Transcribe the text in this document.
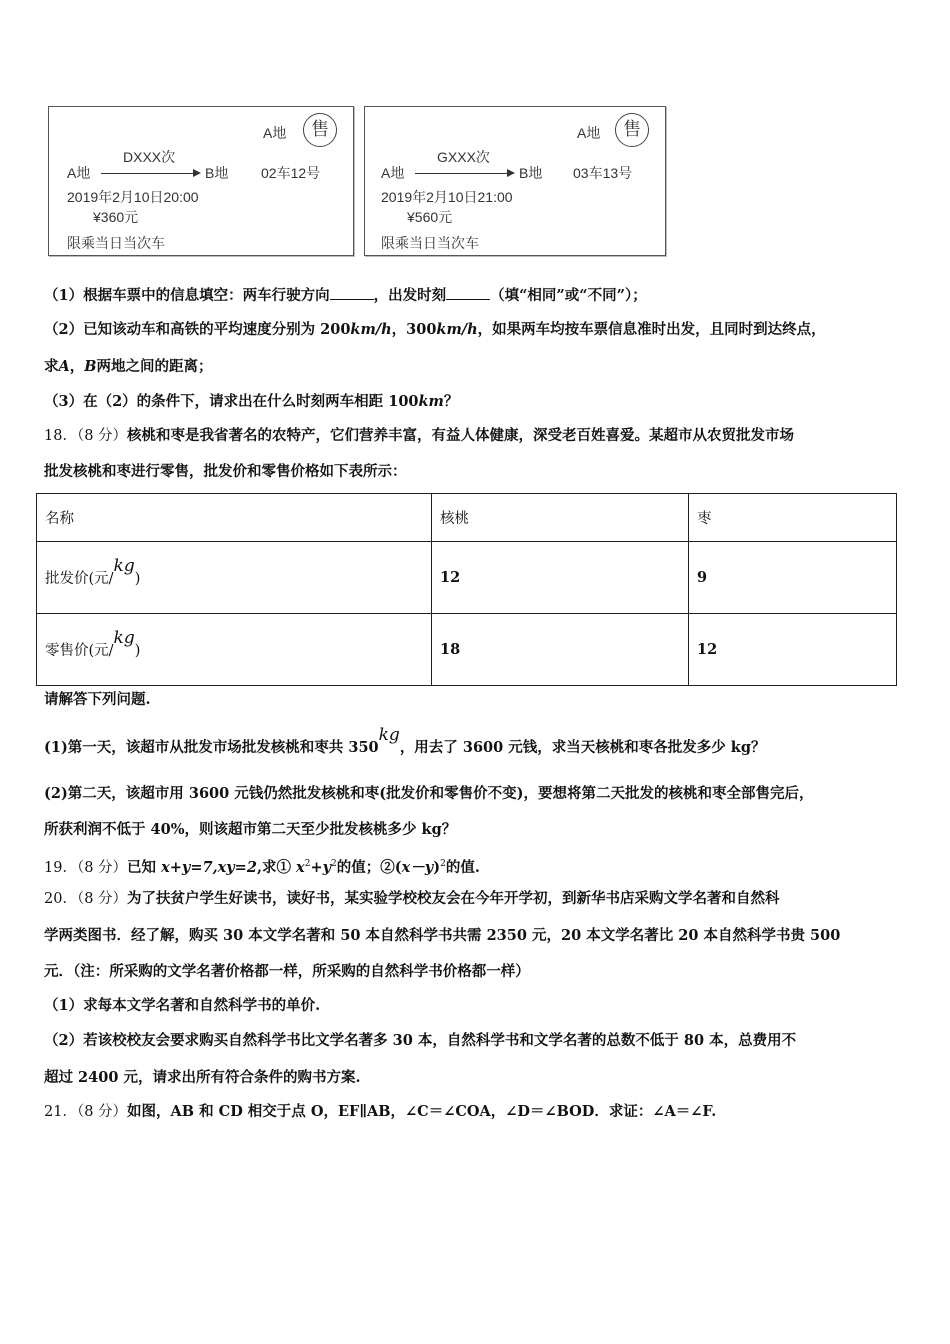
A地	售
DXXX次
A地	B地 02车12号
2019年2月10日20:00
¥360元
限乘当日当次车
A地	售
GXXX次
A地	B地 03车13号
2019年2月10日21:00
¥560元
限乘当日当次车
（1）根据车票中的信息填空：两车行驶方向	，出发时刻	（填“相同”或“不同”）；
（2）已知该动车和高铁的平均速度分别为 200km/h，300km/h，如果两车均按车票信息准时出发，且同时到达终点，
求A，B两地之间的距离；
（3）在（2）的条件下，请求出在什么时刻两车相距 100km？
18．（8 分）核桃和枣是我省著名的农特产，它们营养丰富，有益人体健康，深受老百姓喜爱。某超市从农贸批发市场
批发核桃和枣进行零售，批发价和零售价格如下表所示：
名称	核桃	枣
批发价(元/kg)	12	9
零售价(元/kg)	18	12
请解答下列问题.
(1)第一天，该超市从批发市场批发核桃和枣共 350kg，用去了 3600 元钱，求当天核桃和枣各批发多少 kg？
(2)第二天，该超市用 3600 元钱仍然批发核桃和枣(批发价和零售价不变)，要想将第二天批发的核桃和枣全部售完后，
所获利润不低于 40%，则该超市第二天至少批发核桃多少 kg？
19．（8 分）已知 x+y=7,xy=2,求① $x^2+y^2$的值；$②(x-y)^2$的值.
20．（8 分）为了扶贫户学生好读书，读好书，某实验学校校友会在今年开学初，到新华书店采购文学名著和自然科
学两类图书．经了解，购买 30 本文学名著和 50 本自然科学书共需 2350 元，20 本文学名著比 20 本自然科学书贵 500
元．（注：所采购的文学名著价格都一样，所采购的自然科学书价格都一样）
（1）求每本文学名著和自然科学书的单价.
（2）若该校校友会要求购买自然科学书比文学名著多 30 本，自然科学书和文学名著的总数不低于 80 本，总费用不
超过 2400 元，请求出所有符合条件的购书方案.
21．（8 分）如图，AB 和 CD 相交于点 O，EF∥AB，∠C＝∠COA，∠D＝∠BOD．求证：∠A＝∠F.
